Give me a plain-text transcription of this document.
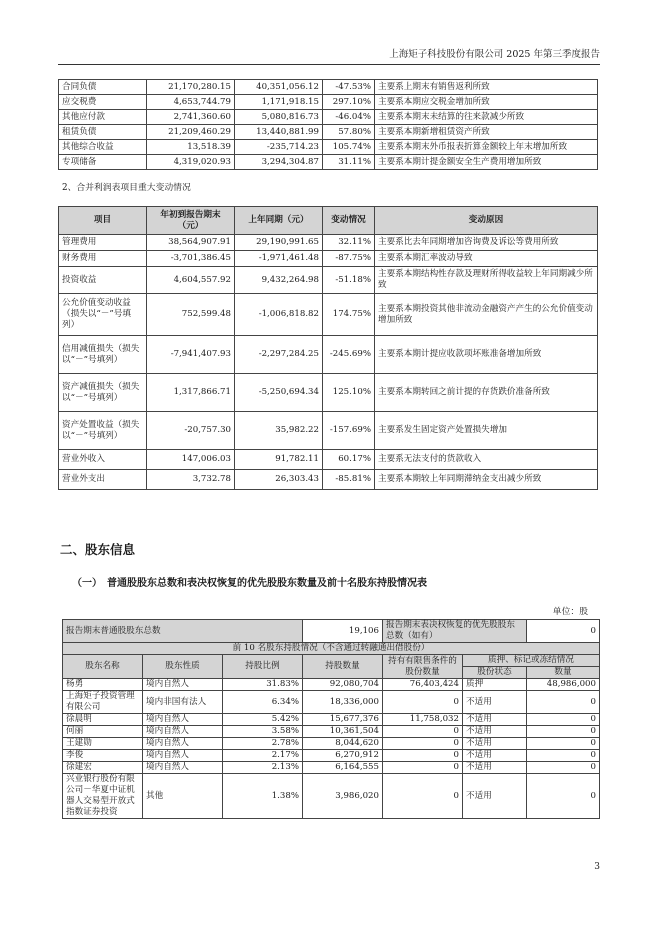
上海矩子科技股份有限公司 2025 年第三季度报告
合同负债	21,170,280.15	40,351,056.12	-47.53%	主要系上期末有销售返利所致
应交税费	4,653,744.79	1,171,918.15	297.10%	主要系本期应交税金增加所致
其他应付款	2,741,360.60	5,080,816.73	-46.04%	主要系本期末未结算的往来款减少所致
租赁负债	21,209,460.29	13,440,881.99	57.80%	主要系本期新增租赁资产所致
其他综合收益	13,518.39	-235,714.23	105.74%	主要系本期末外币报表折算金额较上年末增加所致
专项储备	4,319,020.93	3,294,304.87	31.11%	主要系本期计提金额安全生产费用增加所致
2、合并利润表项目重大变动情况
项目	年初到报告期末（元）	上年同期（元）	变动情况	变动原因
管理费用	38,564,907.91	29,190,991.65	32.11%	主要系比去年同期增加咨询费及诉讼等费用所致
财务费用	-3,701,386.45	-1,971,461.48	-87.75%	主要系本期汇率波动导致
投资收益	4,604,557.92	9,432,264.98	-51.18%	主要系本期结构性存款及理财所得收益较上年同期减少所致
公允价值变动收益（损失以“－”号填列）	752,599.48	-1,006,818.82	174.75%	主要系本期投资其他非流动金融资产产生的公允价值变动增加所致
信用减值损失（损失以“－”号填列）	-7,941,407.93	-2,297,284.25	-245.69%	主要系本期计提应收款项坏账准备增加所致
资产减值损失（损失以“－”号填列）	1,317,866.71	-5,250,694.34	125.10%	主要系本期转回之前计提的存货跌价准备所致
资产处置收益（损失以“－”号填列）	-20,757.30	35,982.22	-157.69%	主要系发生固定资产处置损失增加
营业外收入	147,006.03	91,782.11	60.17%	主要系无法支付的货款收入
营业外支出	3,732.78	26,303.43	-85.81%	主要系本期较上年同期滞纳金支出减少所致
二、股东信息
（一）　普通股股东总数和表决权恢复的优先股股东数量及前十名股东持股情况表
单位：股
报告期末普通股股东总数			19,106	报告期末表决权恢复的优先股股东总数（如有）		0
前 10 名股东持股情况（不含通过转融通出借股份）						
股东名称	股东性质	持股比例	持股数量	持有有限售条件的股份数量	质押、标记或冻结情况	
					股份状态	数量
杨勇	境内自然人	31.83%	92,080,704	76,403,424	质押	48,986,000
上海矩子投资管理有限公司	境内非国有法人	6.34%	18,336,000	0	不适用	0
徐晨明	境内自然人	5.42%	15,677,376	11,758,032	不适用	0
何丽	境内自然人	3.58%	10,361,504	0	不适用	0
王建勋	境内自然人	2.78%	8,044,620	0	不适用	0
李俊	境内自然人	2.17%	6,270,912	0	不适用	0
徐建宏	境内自然人	2.13%	6,164,555	0	不适用	0
兴业银行股份有限公司－华夏中证机器人交易型开放式指数证券投资	其他	1.38%	3,986,020	0	不适用	0
3
